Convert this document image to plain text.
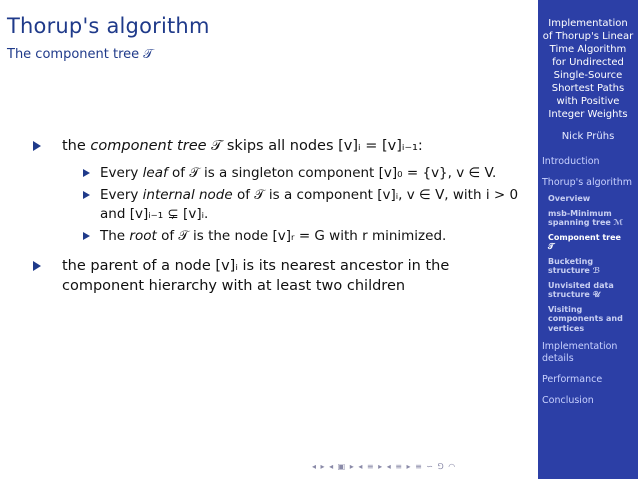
Thorup's algorithm
The component tree 𝒯
the component tree 𝒯 skips all nodes [v]ᵢ = [v]ᵢ₋₁:
Every leaf of 𝒯 is a singleton component [v]₀ = {v}, v ∈ V.
Every internal node of 𝒯 is a component [v]ᵢ, v ∈ V, with i > 0 and [v]ᵢ₋₁ ⊊ [v]ᵢ.
The root of 𝒯 is the node [v]ᵣ = G with r minimized.
the parent of a node [v]ᵢ is its nearest ancestor in the component hierarchy with at least two children
◂ ▸ ◂ ▣ ▸ ◂ ≡ ▸ ◂ ≡ ▸ ≡ ∽ ⅁ ◠
Implementation of Thorup's Linear Time Algorithm for Undirected Single-Source Shortest Paths with Positive Integer Weights
Nick Prühs
Introduction
Thorup's algorithm
Overview
msb-Minimum spanning tree ℳ
Component tree 𝒯
Bucketing structure ℬ
Unvisited data structure 𝒰
Visiting components and vertices
Implementation details
Performance
Conclusion
